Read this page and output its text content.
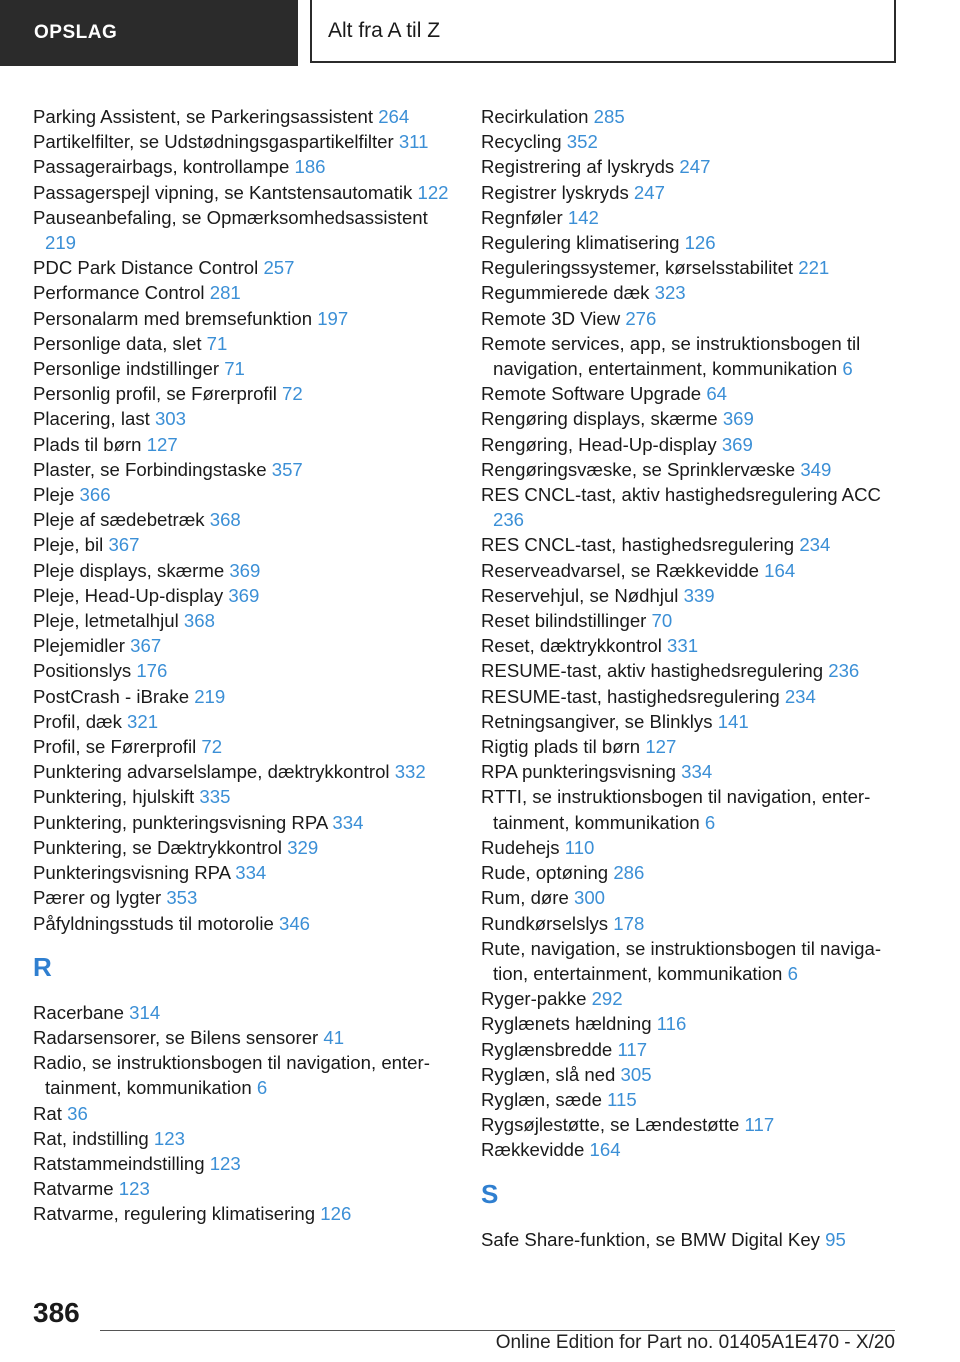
OPSLAG	Alt fra A til Z
Parking Assistent, se Parkeringsassistent 264
Partikelfilter, se Udstødningsgaspartikelfilter 311
Passagerairbags, kontrollampe 186
Passagerspejl vipning, se Kantstensautomatik 122
Pauseanbefaling, se Opmærksomhedsassistent 219
PDC Park Distance Control 257
Performance Control 281
Personalarm med bremsefunktion 197
Personlige data, slet 71
Personlige indstillinger 71
Personlig profil, se Førerprofil 72
Placering, last 303
Plads til børn 127
Plaster, se Forbindingstaske 357
Pleje 366
Pleje af sædebetræk 368
Pleje, bil 367
Pleje displays, skærme 369
Pleje, Head-Up-display 369
Pleje, letmetalhjul 368
Plejemidler 367
Positionslys 176
PostCrash - iBrake 219
Profil, dæk 321
Profil, se Førerprofil 72
Punktering advarselslampe, dæktrykkontrol 332
Punktering, hjulskift 335
Punktering, punkteringsvisning RPA 334
Punktering, se Dæktrykkontrol 329
Punkteringsvisning RPA 334
Pærer og lygter 353
Påfyldningsstuds til motorolie 346
R
Racerbane 314
Radarsensorer, se Bilens sensorer 41
Radio, se instruktionsbogen til navigation, entertainment, kommunikation 6
Rat 36
Rat, indstilling 123
Ratstammeindstilling 123
Ratvarme 123
Ratvarme, regulering klimatisering 126
Recirkulation 285
Recycling 352
Registrering af lyskryds 247
Registrer lyskryds 247
Regnføler 142
Regulering klimatisering 126
Reguleringssystemer, kørselsstabilitet 221
Regummierede dæk 323
Remote 3D View 276
Remote services, app, se instruktionsbogen til navigation, entertainment, kommunikation 6
Remote Software Upgrade 64
Rengøring displays, skærme 369
Rengøring, Head-Up-display 369
Rengøringsvæske, se Sprinklervæske 349
RES CNCL-tast, aktiv hastighedsregulering ACC 236
RES CNCL-tast, hastighedsregulering 234
Reserveadvarsel, se Rækkevidde 164
Reservehjul, se Nødhjul 339
Reset bilindstillinger 70
Reset, dæktrykkontrol 331
RESUME-tast, aktiv hastighedsregulering 236
RESUME-tast, hastighedsregulering 234
Retningsangiver, se Blinklys 141
Rigtig plads til børn 127
RPA punkteringsvisning 334
RTTI, se instruktionsbogen til navigation, entertainment, kommunikation 6
Rudehejs 110
Rude, optøning 286
Rum, døre 300
Rundkørselslys 178
Rute, navigation, se instruktionsbogen til navigation, entertainment, kommunikation 6
Ryger-pakke 292
Ryglænets hældning 116
Ryglænsbredde 117
Ryglæn, slå ned 305
Ryglæn, sæde 115
Rygsøjlestøtte, se Lændestøtte 117
Rækkevidde 164
S
Safe Share-funktion, se BMW Digital Key 95
386
Online Edition for Part no. 01405A1E470 - X/20
